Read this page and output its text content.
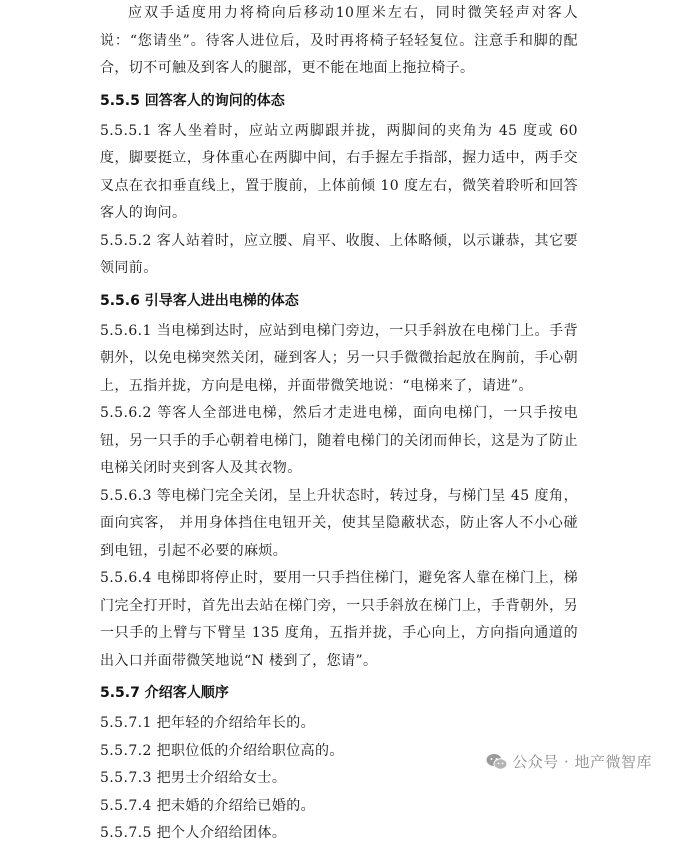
应双手适度用力将椅向后移动10厘米左右，同时微笑轻声对客人说：“您请坐”。待客人进位后，及时再将椅子轻轻复位。注意手和脚的配合，切不可触及到客人的腿部，更不能在地面上拖拉椅子。

5.5.5 回答客人的询问的体态

5.5.5.1 客人坐着时，应站立两脚跟并拢，两脚间的夹角为 45 度或 60 度，脚要挺立，身体重心在两脚中间，右手握左手指部，握力适中，两手交叉点在衣扣垂直线上，置于腹前，上体前倾 10 度左右，微笑着聆听和回答客人的询问。

5.5.5.2 客人站着时，应立腰、肩平、收腹、上体略倾，以示谦恭，其它要领同前。

5.5.6 引导客人进出电梯的体态

5.5.6.1 当电梯到达时，应站到电梯门旁边，一只手斜放在电梯门上。手背朝外，以免电梯突然关闭，碰到客人；另一只手微微抬起放在胸前，手心朝上，五指并拢，方向是电梯，并面带微笑地说：“电梯来了，请进”。

5.5.6.2 等客人全部进电梯，然后才走进电梯，面向电梯门，一只手按电钮，另一只手的手心朝着电梯门，随着电梯门的关闭而伸长，这是为了防止电梯关闭时夹到客人及其衣物。

5.5.6.3 等电梯门完全关闭，呈上升状态时，转过身，与梯门呈 45 度角，面向宾客， 并用身体挡住电钮开关，使其呈隐蔽状态，防止客人不小心碰到电钮，引起不必要的麻烦。

5.5.6.4 电梯即将停止时，要用一只手挡住梯门，避免客人靠在梯门上，梯门完全打开时，首先出去站在梯门旁，一只手斜放在梯门上，手背朝外，另一只手的上臂与下臂呈 135 度角，五指并拢，手心向上，方向指向通道的出入口并面带微笑地说“N 楼到了，您请”。

5.5.7 介绍客人顺序

5.5.7.1 把年轻的介绍给年长的。

5.5.7.2 把职位低的介绍给职位高的。

5.5.7.3 把男士介绍给女士。

5.5.7.4 把未婚的介绍给已婚的。

5.5.7.5 把个人介绍给团体。

公众号 · 地产微智库
